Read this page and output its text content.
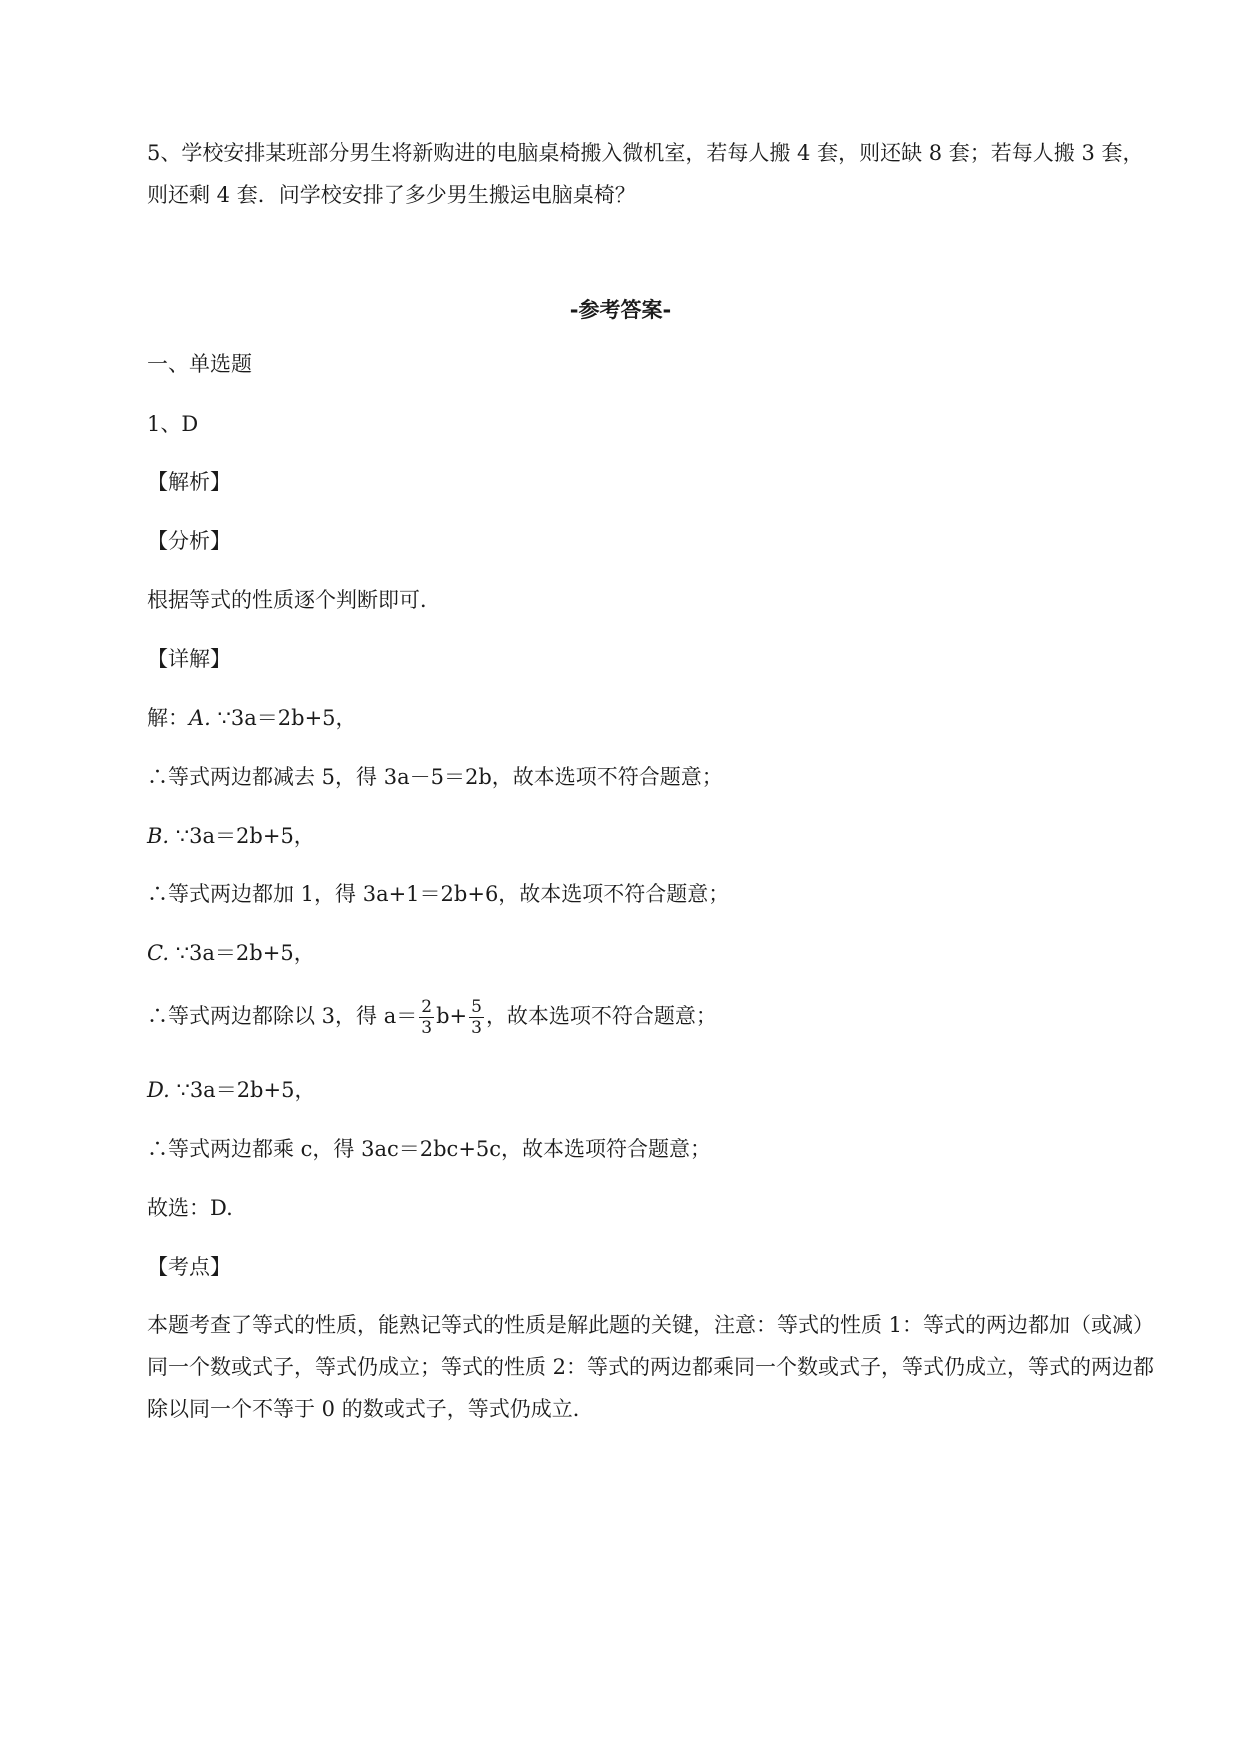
5、学校安排某班部分男生将新购进的电脑桌椅搬入微机室，若每人搬 4 套，则还缺 8 套；若每人搬 3 套，则还剩 4 套．问学校安排了多少男生搬运电脑桌椅？
-参考答案-
一、单选题
1、D
【解析】
【分析】
根据等式的性质逐个判断即可．
【详解】
解：A. ∵3a＝2b+5，
∴等式两边都减去 5，得 3a－5＝2b，故本选项不符合题意；
B. ∵3a＝2b+5，
∴等式两边都加 1，得 3a+1＝2b+6，故本选项不符合题意；
C. ∵3a＝2b+5，
∴等式两边都除以 3，得 $a= \frac{2}{3} b+ \frac{5}{3}$ ，故本选项不符合题意；
D. ∵3a＝2b+5，
∴等式两边都乘 c，得 3ac＝2bc+5c，故本选项符合题意；
故选：D.
【考点】
本题考查了等式的性质，能熟记等式的性质是解此题的关键，注意：等式的性质 1：等式的两边都加（或减）同一个数或式子，等式仍成立；等式的性质 2：等式的两边都乘同一个数或式子，等式仍成立，等式的两边都除以同一个不等于 0 的数或式子，等式仍成立．
